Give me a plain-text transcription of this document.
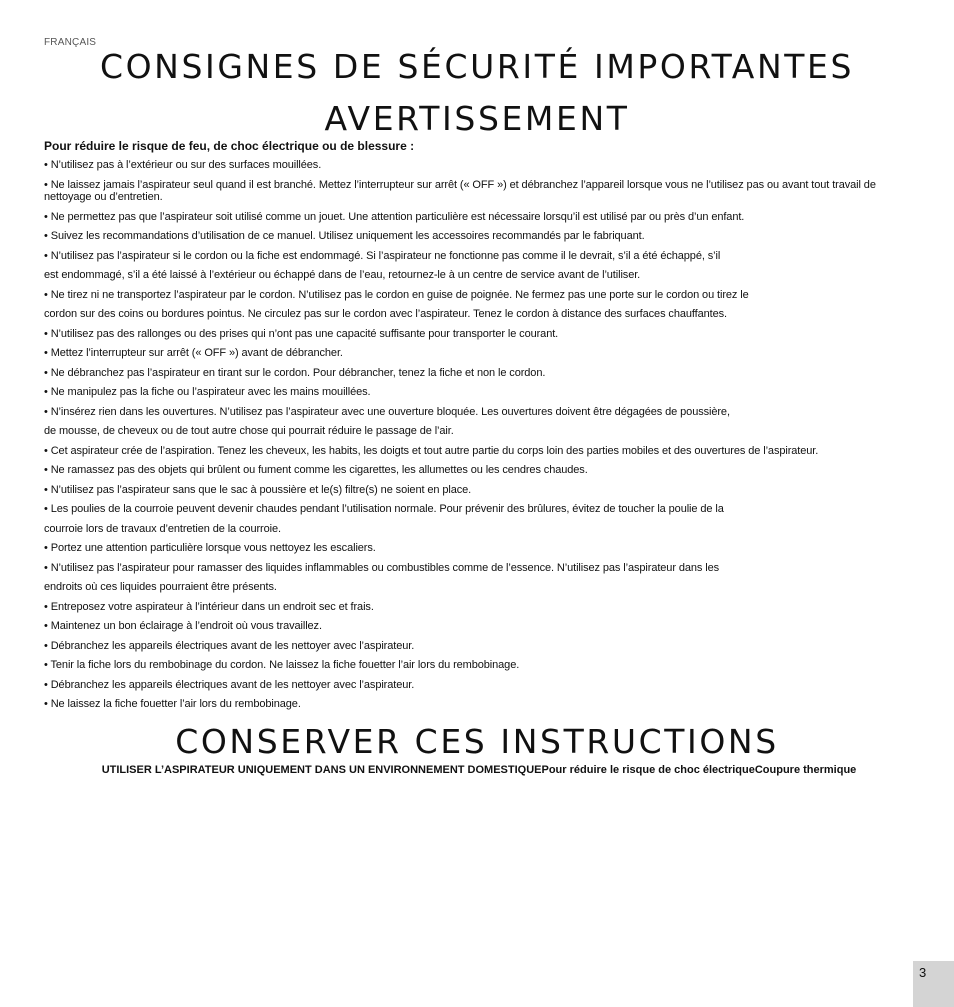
FRANÇAIS
CONSIGNES DE SÉCURITÉ IMPORTANTES
AVERTISSEMENT
Pour réduire le risque de feu, de choc électrique ou de blessure :
• N’utilisez pas à l’extérieur ou sur des surfaces mouillées.
• Ne laissez jamais l’aspirateur seul quand il est branché. Mettez l’interrupteur sur arrêt (« OFF ») et débranchez l’appareil lorsque vous ne l’utilisez pas ou avant tout travail de nettoyage ou d’entretien.
• Ne permettez pas que l’aspirateur soit utilisé comme un jouet. Une attention particulière est nécessaire lorsqu’il est utilisé par ou près d’un enfant.
• Suivez les recommandations d’utilisation de ce manuel. Utilisez uniquement les accessoires recommandés par le fabriquant.
• N’utilisez pas l’aspirateur si le cordon ou la fiche est endommagé. Si l’aspirateur ne fonctionne pas comme il le devrait, s’il a été échappé, s’il
est endommagé, s’il a été laissé à l’extérieur ou échappé dans de l’eau, retournez-le à un centre de service avant de l’utiliser.
• Ne tirez ni ne transportez l’aspirateur par le cordon. N’utilisez pas le cordon en guise de poignée. Ne fermez pas une porte sur le cordon ou tirez le
cordon sur des coins ou bordures pointus. Ne circulez pas sur le cordon avec l’aspirateur. Tenez le cordon à distance des surfaces chauffantes.
• N’utilisez pas des rallonges ou des prises qui n’ont pas une capacité suffisante pour transporter le courant.
• Mettez l’interrupteur sur arrêt (« OFF ») avant de débrancher.
• Ne débranchez pas l’aspirateur en tirant sur le cordon. Pour débrancher, tenez la fiche et non le cordon.
• Ne manipulez pas la fiche ou l’aspirateur avec les mains mouillées.
• N’insérez rien dans les ouvertures. N’utilisez pas l’aspirateur avec une ouverture bloquée. Les ouvertures doivent être dégagées de poussière,
de mousse, de cheveux ou de tout autre chose qui pourrait réduire le passage de l’air.
• Cet aspirateur crée de l’aspiration. Tenez les cheveux, les habits, les doigts et tout autre partie du corps loin des parties mobiles et des ouvertures de l’aspirateur.
• Ne ramassez pas des objets qui brûlent ou fument comme les cigarettes, les allumettes ou les cendres chaudes.
• N’utilisez pas l’aspirateur sans que le sac à poussière et le(s) filtre(s) ne soient en place.
• Les poulies de la courroie peuvent devenir chaudes pendant l’utilisation normale. Pour prévenir des brûlures, évitez de toucher la poulie de la
courroie lors de travaux d’entretien de la courroie.
• Portez une attention particulière lorsque vous nettoyez les escaliers.
• N’utilisez pas l’aspirateur pour ramasser des liquides inflammables ou combustibles comme de l’essence. N’utilisez pas l’aspirateur dans les
endroits où ces liquides pourraient être présents.
• Entreposez votre aspirateur à l’intérieur dans un endroit sec et frais.
• Maintenez un bon éclairage à l’endroit où vous travaillez.
• Débranchez les appareils électriques avant de les nettoyer avec l’aspirateur.
• Tenir la fiche lors du rembobinage du cordon. Ne laissez la fiche fouetter l’air lors du rembobinage.
• Débranchez les appareils électriques avant de les nettoyer avec l’aspirateur.
• Ne laissez la fiche fouetter l’air lors du rembobinage.
CONSERVER CES INSTRUCTIONS
UTILISER L’ASPIRATEUR UNIQUEMENT DANS UN ENVIRONNEMENT DOMESTIQUEPour réduire le risque de choc électriqueCoupure thermique
3
